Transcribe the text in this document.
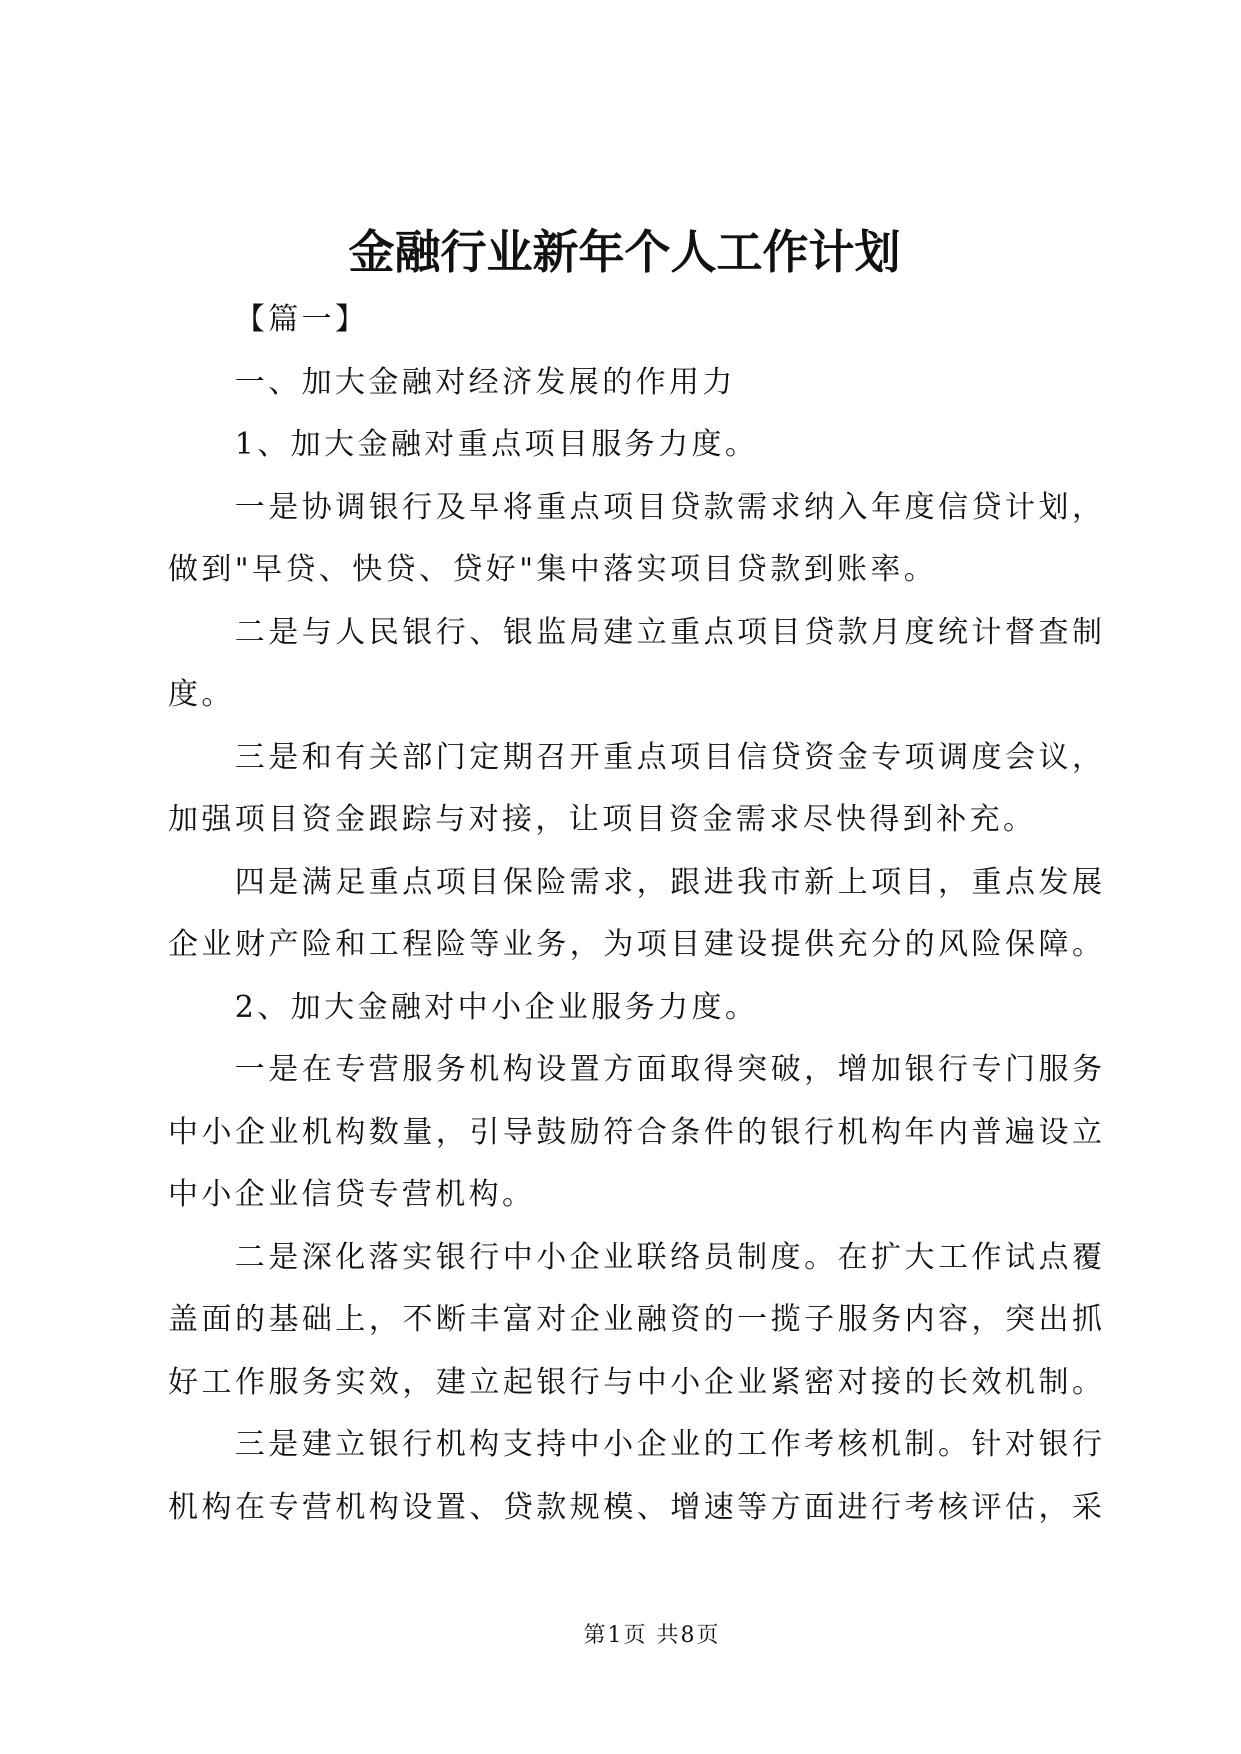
金融行业新年个人工作计划
【篇一】
一、加大金融对经济发展的作用力
1、加大金融对重点项目服务力度。
一是协调银行及早将重点项目贷款需求纳入年度信贷计划，
做到"早贷、快贷、贷好"集中落实项目贷款到账率。
二是与人民银行、银监局建立重点项目贷款月度统计督查制
度。
三是和有关部门定期召开重点项目信贷资金专项调度会议，
加强项目资金跟踪与对接，让项目资金需求尽快得到补充。
四是满足重点项目保险需求，跟进我市新上项目，重点发展
企业财产险和工程险等业务，为项目建设提供充分的风险保障。
2、加大金融对中小企业服务力度。
一是在专营服务机构设置方面取得突破，增加银行专门服务
中小企业机构数量，引导鼓励符合条件的银行机构年内普遍设立
中小企业信贷专营机构。
二是深化落实银行中小企业联络员制度。在扩大工作试点覆
盖面的基础上，不断丰富对企业融资的一揽子服务内容，突出抓
好工作服务实效，建立起银行与中小企业紧密对接的长效机制。
三是建立银行机构支持中小企业的工作考核机制。针对银行
机构在专营机构设置、贷款规模、增速等方面进行考核评估，采
第1页 共8页
